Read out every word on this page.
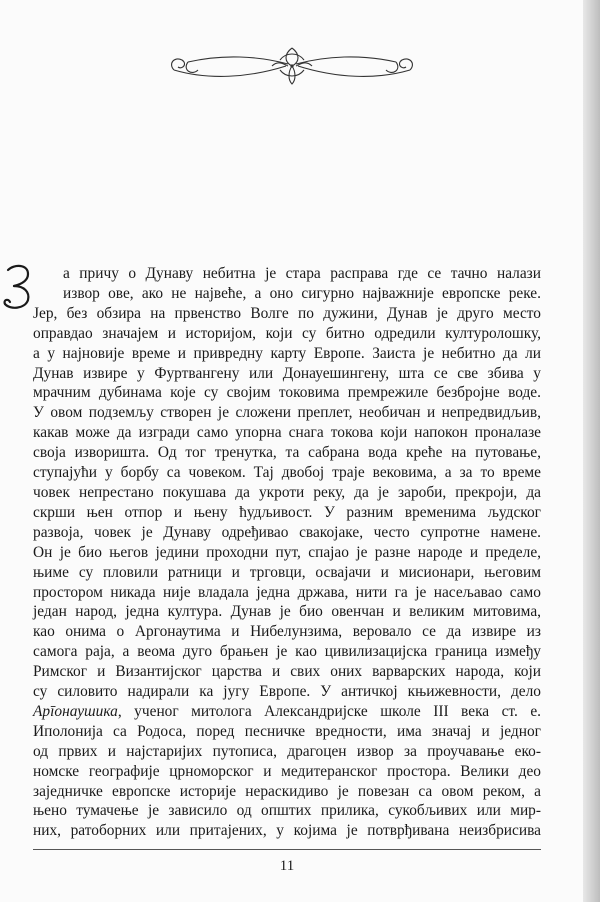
а причу о Дунаву небитна је стара расправа где се тачно налази
извор ове, ако не највеће, а оно сигурно најважније европске реке.
Јер, без обзира на првенство Волге по дужини, Дунав је друго место
оправдао значајем и историјом, који су битно одредили културолошку,
а у најновије време и привредну карту Европе. Заиста је небитно да ли
Дунав извире у Фуртвангену или Донауешингену, шта се све збива у
мрачним дубинама које су својим токовима премрежиле безбројне воде.
У овом подземљу створен је сложени преплет, необичан и непредвидљив,
какав може да изгради само упорна снага токова који напокон проналазе
своја изворишта. Од тог тренутка, та сабрана вода креће на путовање,
ступајући у борбу са човеком. Тај двобој траје вековима, а за то време
човек непрестано покушава да укроти реку, да је зароби, прекроји, да
скрши њен отпор и њену ћудљивост. У разним временима људског
развоја, човек је Дунаву одређивао свакојаке, често супротне намене.
Он је био његов једини проходни пут, спајао је разне народе и пределе,
њиме су пловили ратници и трговци, освајачи и мисионари, његовим
простором никада није владала једна држава, нити га је насељавао само
један народ, једна култура. Дунав је био овенчан и великим митовима,
као онима о Аргонаутима и Нибелунзима, веровало се да извире из
самога раја, а веома дуго брањен је као цивилизацијска граница између
Римског и Византијског царства и свих оних варварских народа, који
су силовито надирали ка југу Европе. У античкој књижевности, дело
Арīонаушика, ученог митолога Александријске школе III века ст. е.
Иполонија са Родоса, поред песничке вредности, има значај и једног
од првих и најстаријих путописа, драгоцен извор за проучавање еко-
номске географије црноморског и медитеранског простора. Велики део
заједничке европске историје нераскидиво је повезан са овом реком, а
њено тумачење је зависило од општих прилика, сукобљивих или мир-
них, ратоборних или притајених, у којима је потврђивана неизбрисива
11
